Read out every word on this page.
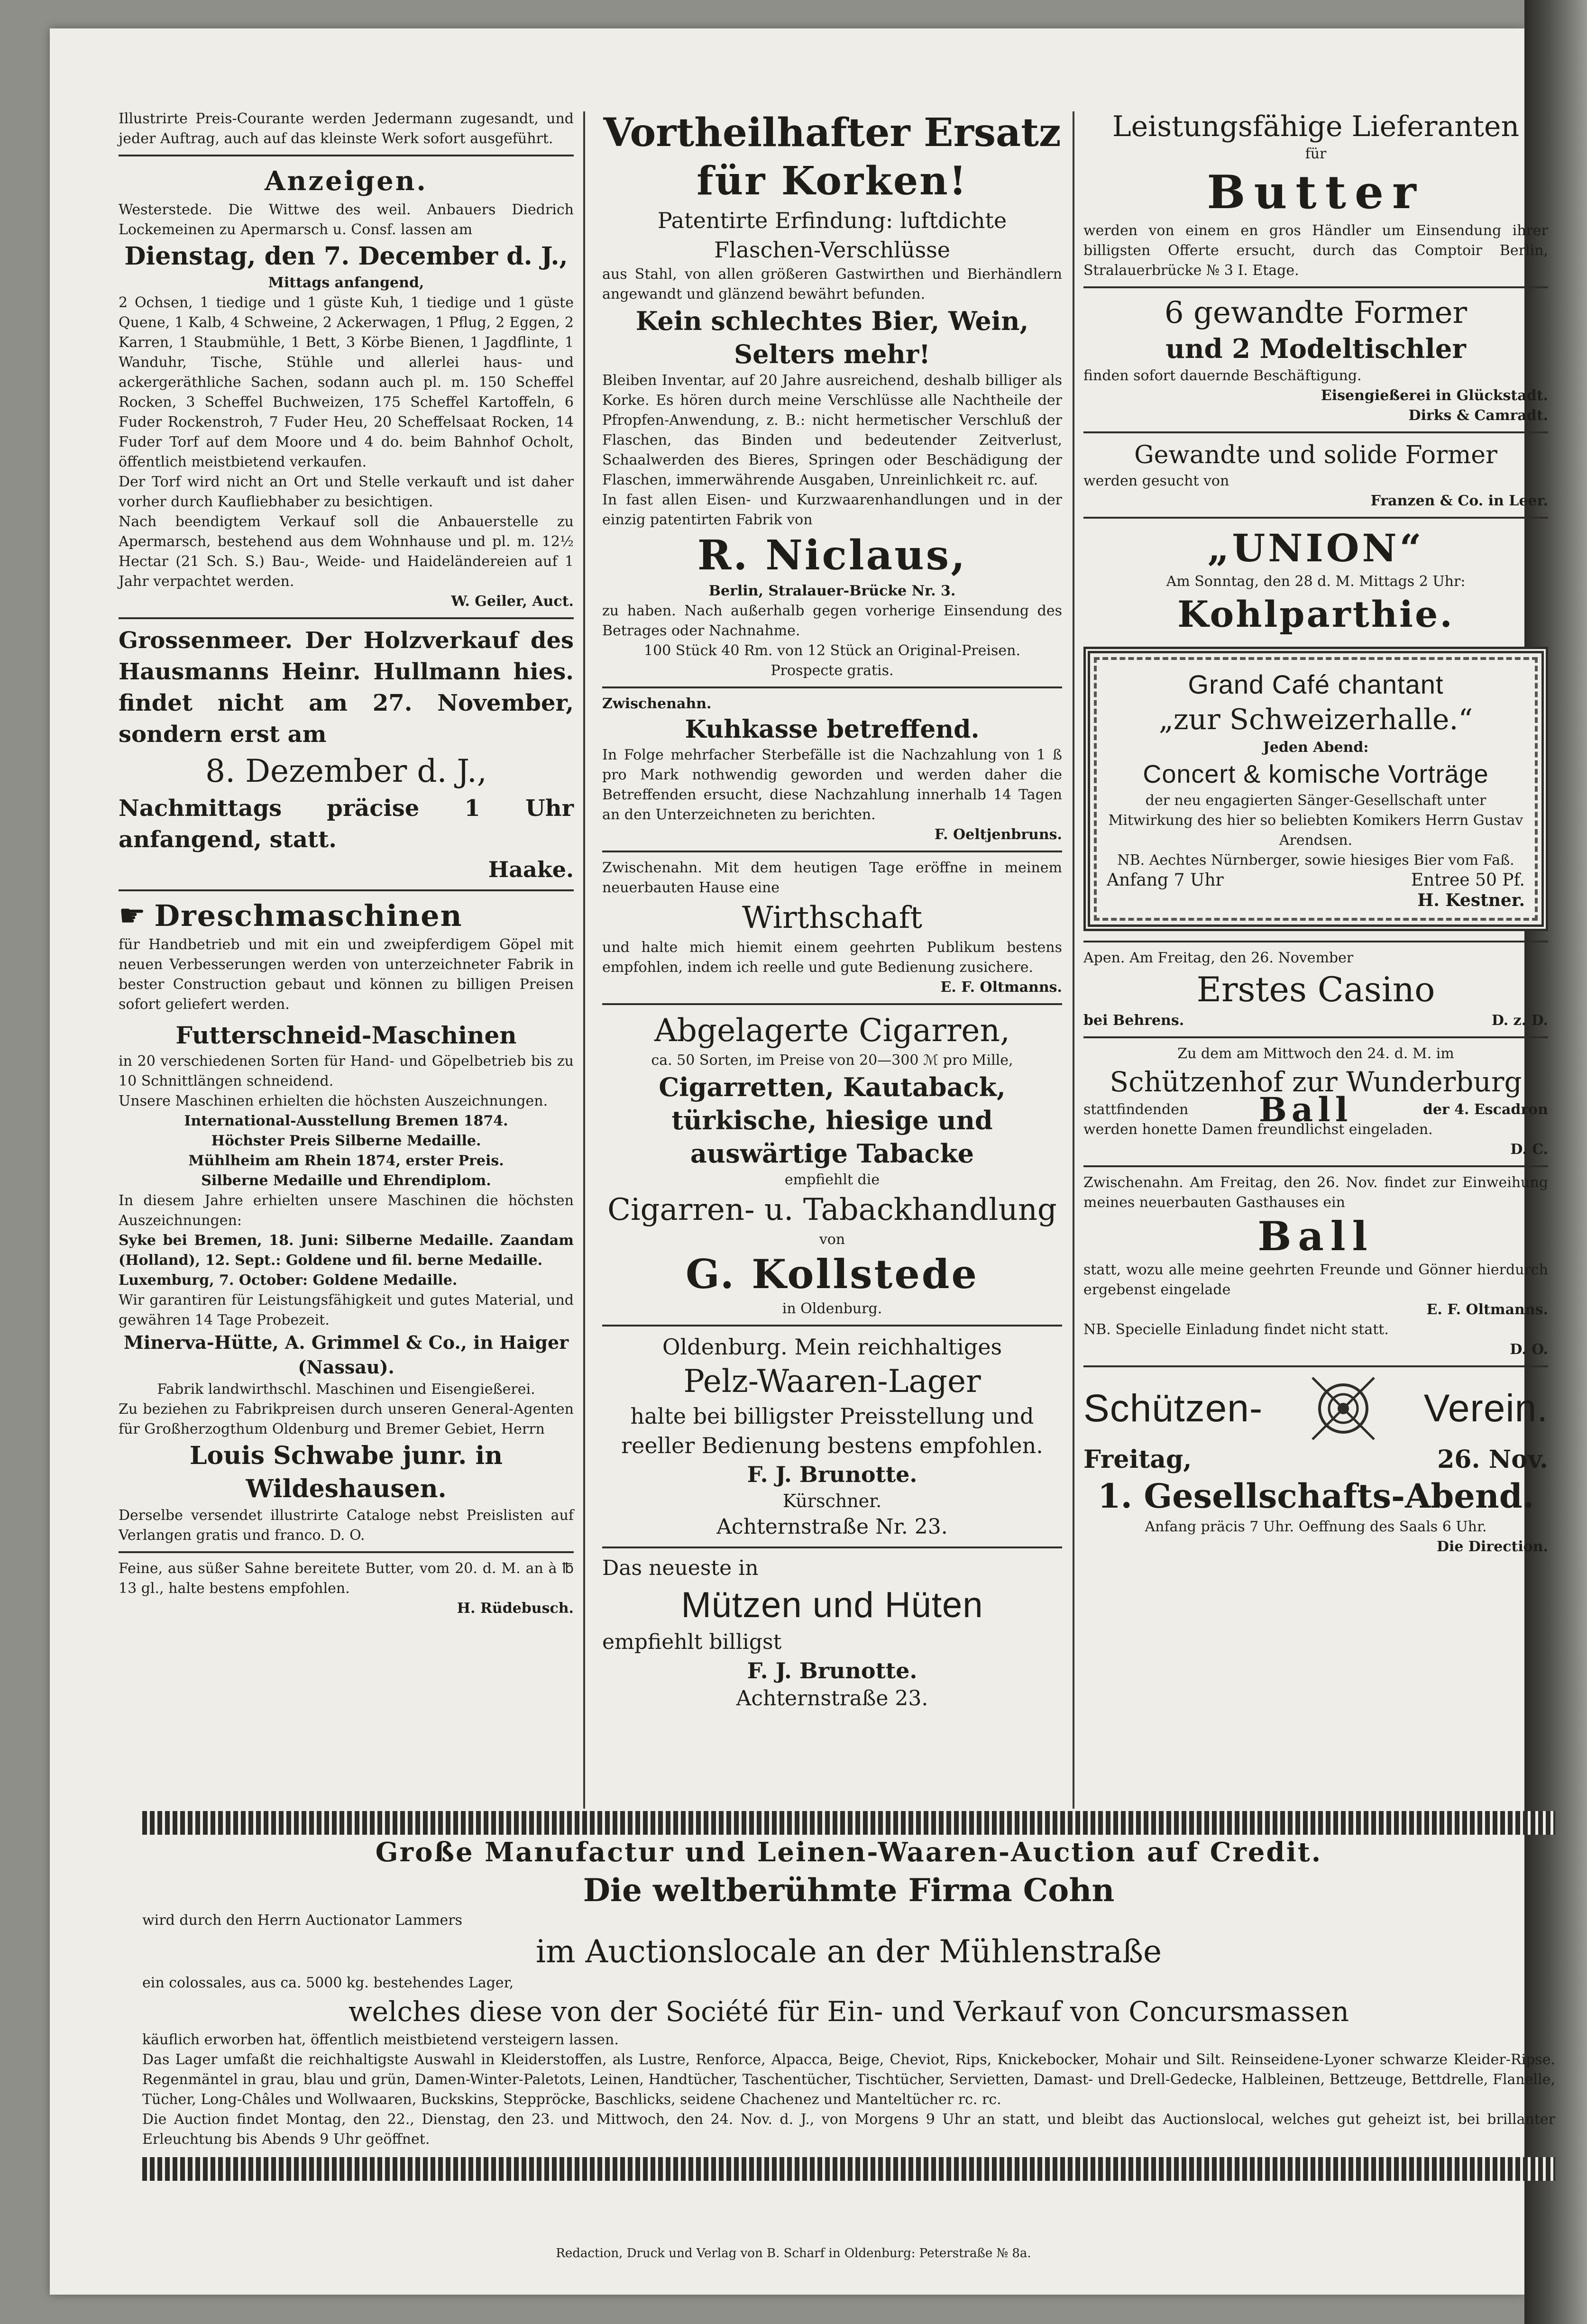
Illustrirte Preis-Courante werden Jedermann zugesandt, und jeder Auftrag, auch auf das kleinste Werk sofort ausgeführt.

Anzeigen.

Westerstede. Die Wittwe des weil. Anbauers Diedrich Lockemeinen zu Apermarsch u. Consf. lassen am

Dienstag, den 7. December d. J.,

Mittags anfangend,

2 Ochsen, 1 tiedige und 1 güste Kuh, 1 tiedige und 1 güste Quene, 1 Kalb, 4 Schweine, 2 Ackerwagen, 1 Pflug, 2 Eggen, 2 Karren, 1 Staubmühle, 1 Bett, 3 Körbe Bienen, 1 Jagdflinte, 1 Wanduhr, Tische, Stühle und allerlei haus- und ackergeräthliche Sachen, sodann auch pl. m. 150 Scheffel Rocken, 3 Scheffel Buchweizen, 175 Scheffel Kartoffeln, 6 Fuder Rockenstroh, 7 Fuder Heu, 20 Scheffelsaat Rocken, 14 Fuder Torf auf dem Moore und 4 do. beim Bahnhof Ocholt, öffentlich meistbietend verkaufen.

Der Torf wird nicht an Ort und Stelle verkauft und ist daher vorher durch Kaufliebhaber zu besichtigen.

Nach beendigtem Verkauf soll die Anbauerstelle zu Apermarsch, bestehend aus dem Wohnhause und pl. m. 12½ Hectar (21 Sch. S.) Bau-, Weide- und Haideländereien auf 1 Jahr verpachtet werden.

W. Geiler, Auct.

Grossenmeer. Der Holzverkauf des Hausmanns Heinr. Hullmann hies. findet nicht am 27. November, sondern erst am

8. Dezember d. J.,

Nachmittags präcise 1 Uhr anfangend, statt.

Haake.

☛ Dreschmaschinen

für Handbetrieb und mit ein und zweipferdigem Göpel mit neuen Verbesserungen werden von unterzeichneter Fabrik in bester Construction gebaut und können zu billigen Preisen sofort geliefert werden.

Futterschneid-Maschinen

in 20 verschiedenen Sorten für Hand- und Göpelbetrieb bis zu 10 Schnittlängen schneidend.

Unsere Maschinen erhielten die höchsten Auszeichnungen.

International-Ausstellung Bremen 1874.

Höchster Preis Silberne Medaille.

Mühlheim am Rhein 1874, erster Preis.

Silberne Medaille und Ehrendiplom.

In diesem Jahre erhielten unsere Maschinen die höchsten Auszeichnungen:

Syke bei Bremen, 18. Juni: Silberne Medaille. Zaandam (Holland), 12. Sept.: Goldene und fil. berne Medaille.

Luxemburg, 7. October: Goldene Medaille.

Wir garantiren für Leistungsfähigkeit und gutes Material, und gewähren 14 Tage Probezeit.

Minerva-Hütte, A. Grimmel & Co., in Haiger (Nassau).

Fabrik landwirthschl. Maschinen und Eisengießerei.

Zu beziehen zu Fabrikpreisen durch unseren General-Agenten für Großherzogthum Oldenburg und Bremer Gebiet, Herrn

Louis Schwabe junr. in Wildeshausen.

Derselbe versendet illustrirte Cataloge nebst Preislisten auf Verlangen gratis und franco. D. O.

Feine, aus süßer Sahne bereitete Butter, vom 20. d. M. an à ℔ 13 gl., halte bestens empfohlen.

H. Rüdebusch.

Vortheilhafter Ersatz

für Korken!

Patentirte Erfindung: luftdichte Flaschen-Verschlüsse

aus Stahl, von allen größeren Gastwirthen und Bierhändlern angewandt und glänzend bewährt befunden.

Kein schlechtes Bier, Wein, Selters mehr!

Bleiben Inventar, auf 20 Jahre ausreichend, deshalb billiger als Korke. Es hören durch meine Verschlüsse alle Nachtheile der Pfropfen-Anwendung, z. B.: nicht hermetischer Verschluß der Flaschen, das Binden und bedeutender Zeitverlust, Schaalwerden des Bieres, Springen oder Beschädigung der Flaschen, immerwährende Ausgaben, Unreinlichkeit rc. auf.

In fast allen Eisen- und Kurzwaarenhandlungen und in der einzig patentirten Fabrik von

R. Niclaus,

Berlin, Stralauer-Brücke Nr. 3.

zu haben. Nach außerhalb gegen vorherige Einsendung des Betrages oder Nachnahme.

100 Stück 40 Rm. von 12 Stück an Original-Preisen.

Prospecte gratis.

Zwischenahn.

Kuhkasse betreffend.

In Folge mehrfacher Sterbefälle ist die Nachzahlung von 1 ß pro Mark nothwendig geworden und werden daher die Betreffenden ersucht, diese Nachzahlung innerhalb 14 Tagen an den Unterzeichneten zu berichten.

F. Oeltjenbruns.

Zwischenahn. Mit dem heutigen Tage eröffne in meinem neuerbauten Hause eine

Wirthschaft

und halte mich hiemit einem geehrten Publikum bestens empfohlen, indem ich reelle und gute Bedienung zusichere.

E. F. Oltmanns.

Abgelagerte Cigarren,

ca. 50 Sorten, im Preise von 20—300 ℳ pro Mille,

Cigarretten, Kautaback, türkische, hiesige und auswärtige Tabacke

empfiehlt die

Cigarren- u. Tabackhandlung

von

G. Kollstede

in Oldenburg.

Oldenburg. Mein reichhaltiges

Pelz-Waaren-Lager

halte bei billigster Preisstellung und reeller Bedienung bestens empfohlen.

F. J. Brunotte.

Kürschner.

Achternstraße Nr. 23.

Das neueste in

Mützen und Hüten

empfiehlt billigst

F. J. Brunotte.

Achternstraße 23.

Leistungsfähige Lieferanten

für

Butter

werden von einem en gros Händler um Einsendung ihrer billigsten Offerte ersucht, durch das Comptoir Berlin, Stralauerbrücke № 3 I. Etage.

6 gewandte Former

und 2 Modeltischler

finden sofort dauernde Beschäftigung.

Eisengießerei in Glückstadt.

Dirks & Camradt.

Gewandte und solide Former

werden gesucht von

Franzen & Co. in Leer.

„UNION“

Am Sonntag, den 28 d. M. Mittags 2 Uhr:

Kohlparthie.

Grand Café chantant

„zur Schweizerhalle.“

Jeden Abend:

Concert & komische Vorträge

der neu engagierten Sänger-Gesellschaft unter Mitwirkung des hier so beliebten Komikers Herrn Gustav Arendsen.

NB. Aechtes Nürnberger, sowie hiesiges Bier vom Faß.

Anfang 7 Uhr	Entree 50 Pf.

H. Kestner.

Apen. Am Freitag, den 26. November

Erstes Casino

bei Behrens.	D. z. D.

Zu dem am Mittwoch den 24. d. M. im

Schützenhof zur Wunderburg

stattfindenden Ball	der 4. Escadron

werden honette Damen freundlichst eingeladen.

D. C.

Zwischenahn. Am Freitag, den 26. Nov. findet zur Einweihung meines neuerbauten Gasthauses ein

Ball

statt, wozu alle meine geehrten Freunde und Gönner hierdurch ergebenst eingelade

E. F. Oltmanns.

NB. Specielle Einladung findet nicht statt.

D. O.

Schützen-	Verein.
Freitag,	26. Nov.

1. Gesellschafts-Abend.

Anfang präcis 7 Uhr. Oeffnung des Saals 6 Uhr.

Die Direction.

Große Manufactur und Leinen-Waaren-Auction auf Credit.

Die weltberühmte Firma Cohn

wird durch den Herrn Auctionator Lammers

im Auctionslocale an der Mühlenstraße

ein colossales, aus ca. 5000 kg. bestehendes Lager,

welches diese von der Société für Ein- und Verkauf von Concursmassen

käuflich erworben hat, öffentlich meistbietend versteigern lassen.

Das Lager umfaßt die reichhaltigste Auswahl in Kleiderstoffen, als Lustre, Renforce, Alpacca, Beige, Cheviot, Rips, Knickebocker, Mohair und Silt. Reinseidene-Lyoner schwarze Kleider-Ripse. Regenmäntel in grau, blau und grün, Damen-Winter-Paletots, Leinen, Handtücher, Taschentücher, Tischtücher, Servietten, Damast- und Drell-Gedecke, Halbleinen, Bettzeuge, Bettdrelle, Flanelle, Tücher, Long-Châles und Wollwaaren, Buckskins, Steppröcke, Baschlicks, seidene Chachenez und Manteltücher rc. rc.

Die Auction findet Montag, den 22., Dienstag, den 23. und Mittwoch, den 24. Nov. d. J., von Morgens 9 Uhr an statt, und bleibt das Auctionslocal, welches gut geheizt ist, bei brillanter Erleuchtung bis Abends 9 Uhr geöffnet.

Redaction, Druck und Verlag von B. Scharf in Oldenburg: Peterstraße № 8a.
